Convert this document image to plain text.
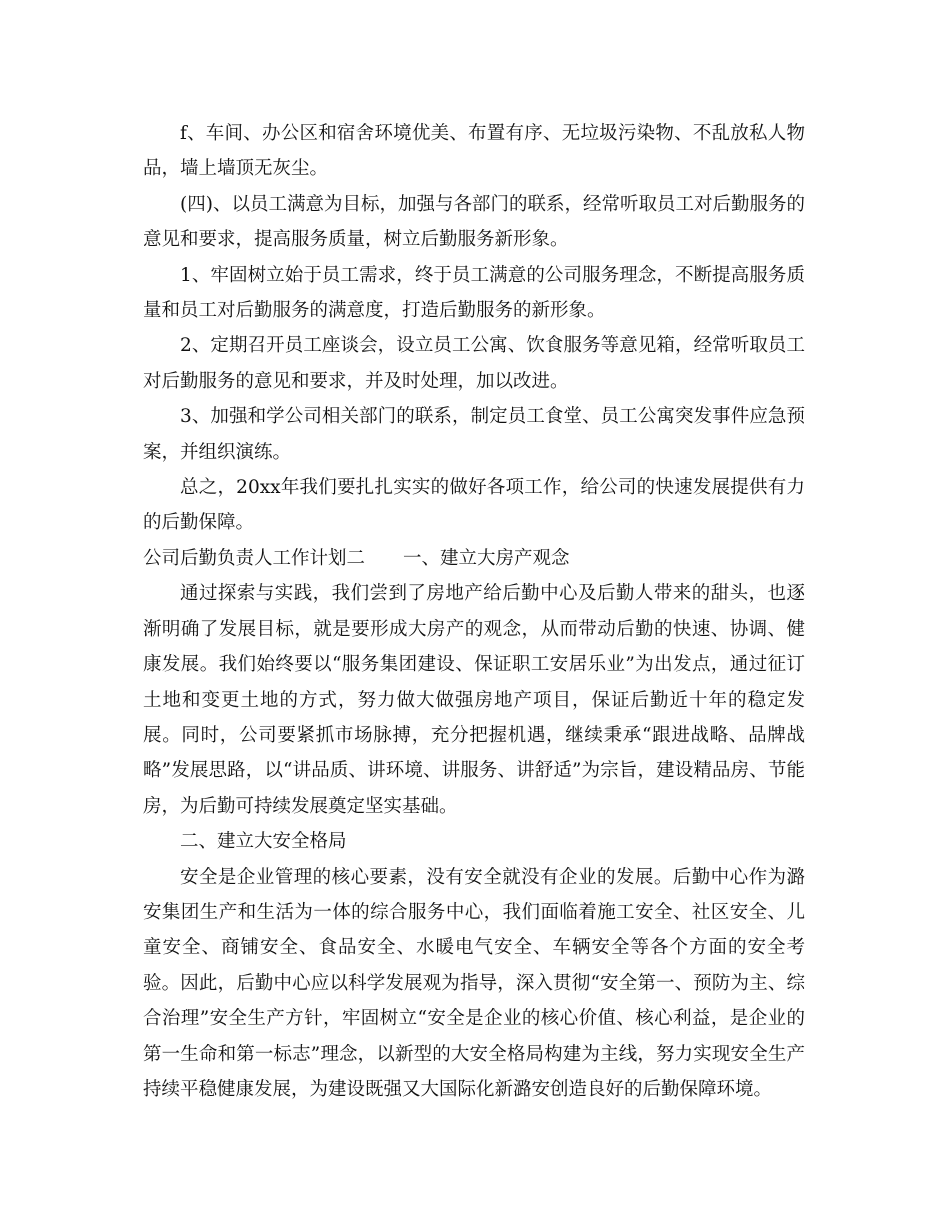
f、车间、办公区和宿舍环境优美、布置有序、无垃圾污染物、不乱放私人物品，墙上墙顶无灰尘。

(四)、以员工满意为目标，加强与各部门的联系，经常听取员工对后勤服务的意见和要求，提高服务质量，树立后勤服务新形象。

1、牢固树立始于员工需求，终于员工满意的公司服务理念，不断提高服务质量和员工对后勤服务的满意度，打造后勤服务的新形象。

2、定期召开员工座谈会，设立员工公寓、饮食服务等意见箱，经常听取员工对后勤服务的意见和要求，并及时处理，加以改进。

3、加强和学公司相关部门的联系，制定员工食堂、员工公寓突发事件应急预案，并组织演练。

总之，20xx年我们要扎扎实实的做好各项工作，给公司的快速发展提供有力的后勤保障。

公司后勤负责人工作计划二 一、建立大房产观念

通过探索与实践，我们尝到了房地产给后勤中心及后勤人带来的甜头，也逐渐明确了发展目标，就是要形成大房产的观念，从而带动后勤的快速、协调、健康发展。我们始终要以“服务集团建设、保证职工安居乐业”为出发点，通过征订土地和变更土地的方式，努力做大做强房地产项目，保证后勤近十年的稳定发展。同时，公司要紧抓市场脉搏，充分把握机遇，继续秉承“跟进战略、品牌战略”发展思路，以“讲品质、讲环境、讲服务、讲舒适”为宗旨，建设精品房、节能房，为后勤可持续发展奠定坚实基础。

二、建立大安全格局

安全是企业管理的核心要素，没有安全就没有企业的发展。后勤中心作为潞安集团生产和生活为一体的综合服务中心，我们面临着施工安全、社区安全、儿童安全、商铺安全、食品安全、水暖电气安全、车辆安全等各个方面的安全考验。因此，后勤中心应以科学发展观为指导，深入贯彻“安全第一、预防为主、综合治理”安全生产方针，牢固树立“安全是企业的核心价值、核心利益，是企业的第一生命和第一标志”理念，以新型的大安全格局构建为主线，努力实现安全生产持续平稳健康发展，为建设既强又大国际化新潞安创造良好的后勤保障环境。
